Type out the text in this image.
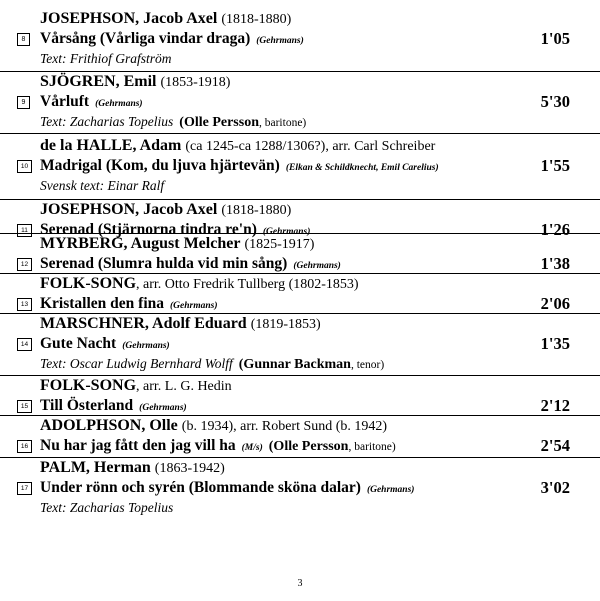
JOSEPHSON, Jacob Axel (1818-1880)
Vårsång (Vårliga vindar draga) (Gehrmans)	1'05
8
Text: Frithiof Grafström
SJÖGREN, Emil (1853-1918)
Vårluft (Gehrmans)	5'30
9
Text: Zacharias Topelius (Olle Persson, baritone)
de la HALLE, Adam (ca 1245-ca 1288/1306?), arr. Carl Schreiber
Madrigal (Kom, du ljuva hjärtevän) (Elkan & Schildknecht, Emil Carelius)	1'55
10
Svensk text: Einar Ralf
JOSEPHSON, Jacob Axel (1818-1880)
Serenad (Stjärnorna tindra re'n) (Gehrmans)	1'26
11
MYRBERG, August Melcher (1825-1917)
Serenad (Slumra hulda vid min sång) (Gehrmans)	1'38
12
FOLK-SONG, arr. Otto Fredrik Tullberg (1802-1853)
Kristallen den fina (Gehrmans)	2'06
13
MARSCHNER, Adolf Eduard (1819-1853)
Gute Nacht (Gehrmans)	1'35
14
Text: Oscar Ludwig Bernhard Wolff (Gunnar Backman, tenor)
FOLK-SONG, arr. L. G. Hedin
Till Österland (Gehrmans)	2'12
15
ADOLPHSON, Olle (b. 1934), arr. Robert Sund (b. 1942)
Nu har jag fått den jag vill ha (M/s) (Olle Persson, baritone)	2'54
16
PALM, Herman (1863-1942)
Under rönn och syrén (Blommande sköna dalar) (Gehrmans)	3'02
17
Text: Zacharias Topelius
3
